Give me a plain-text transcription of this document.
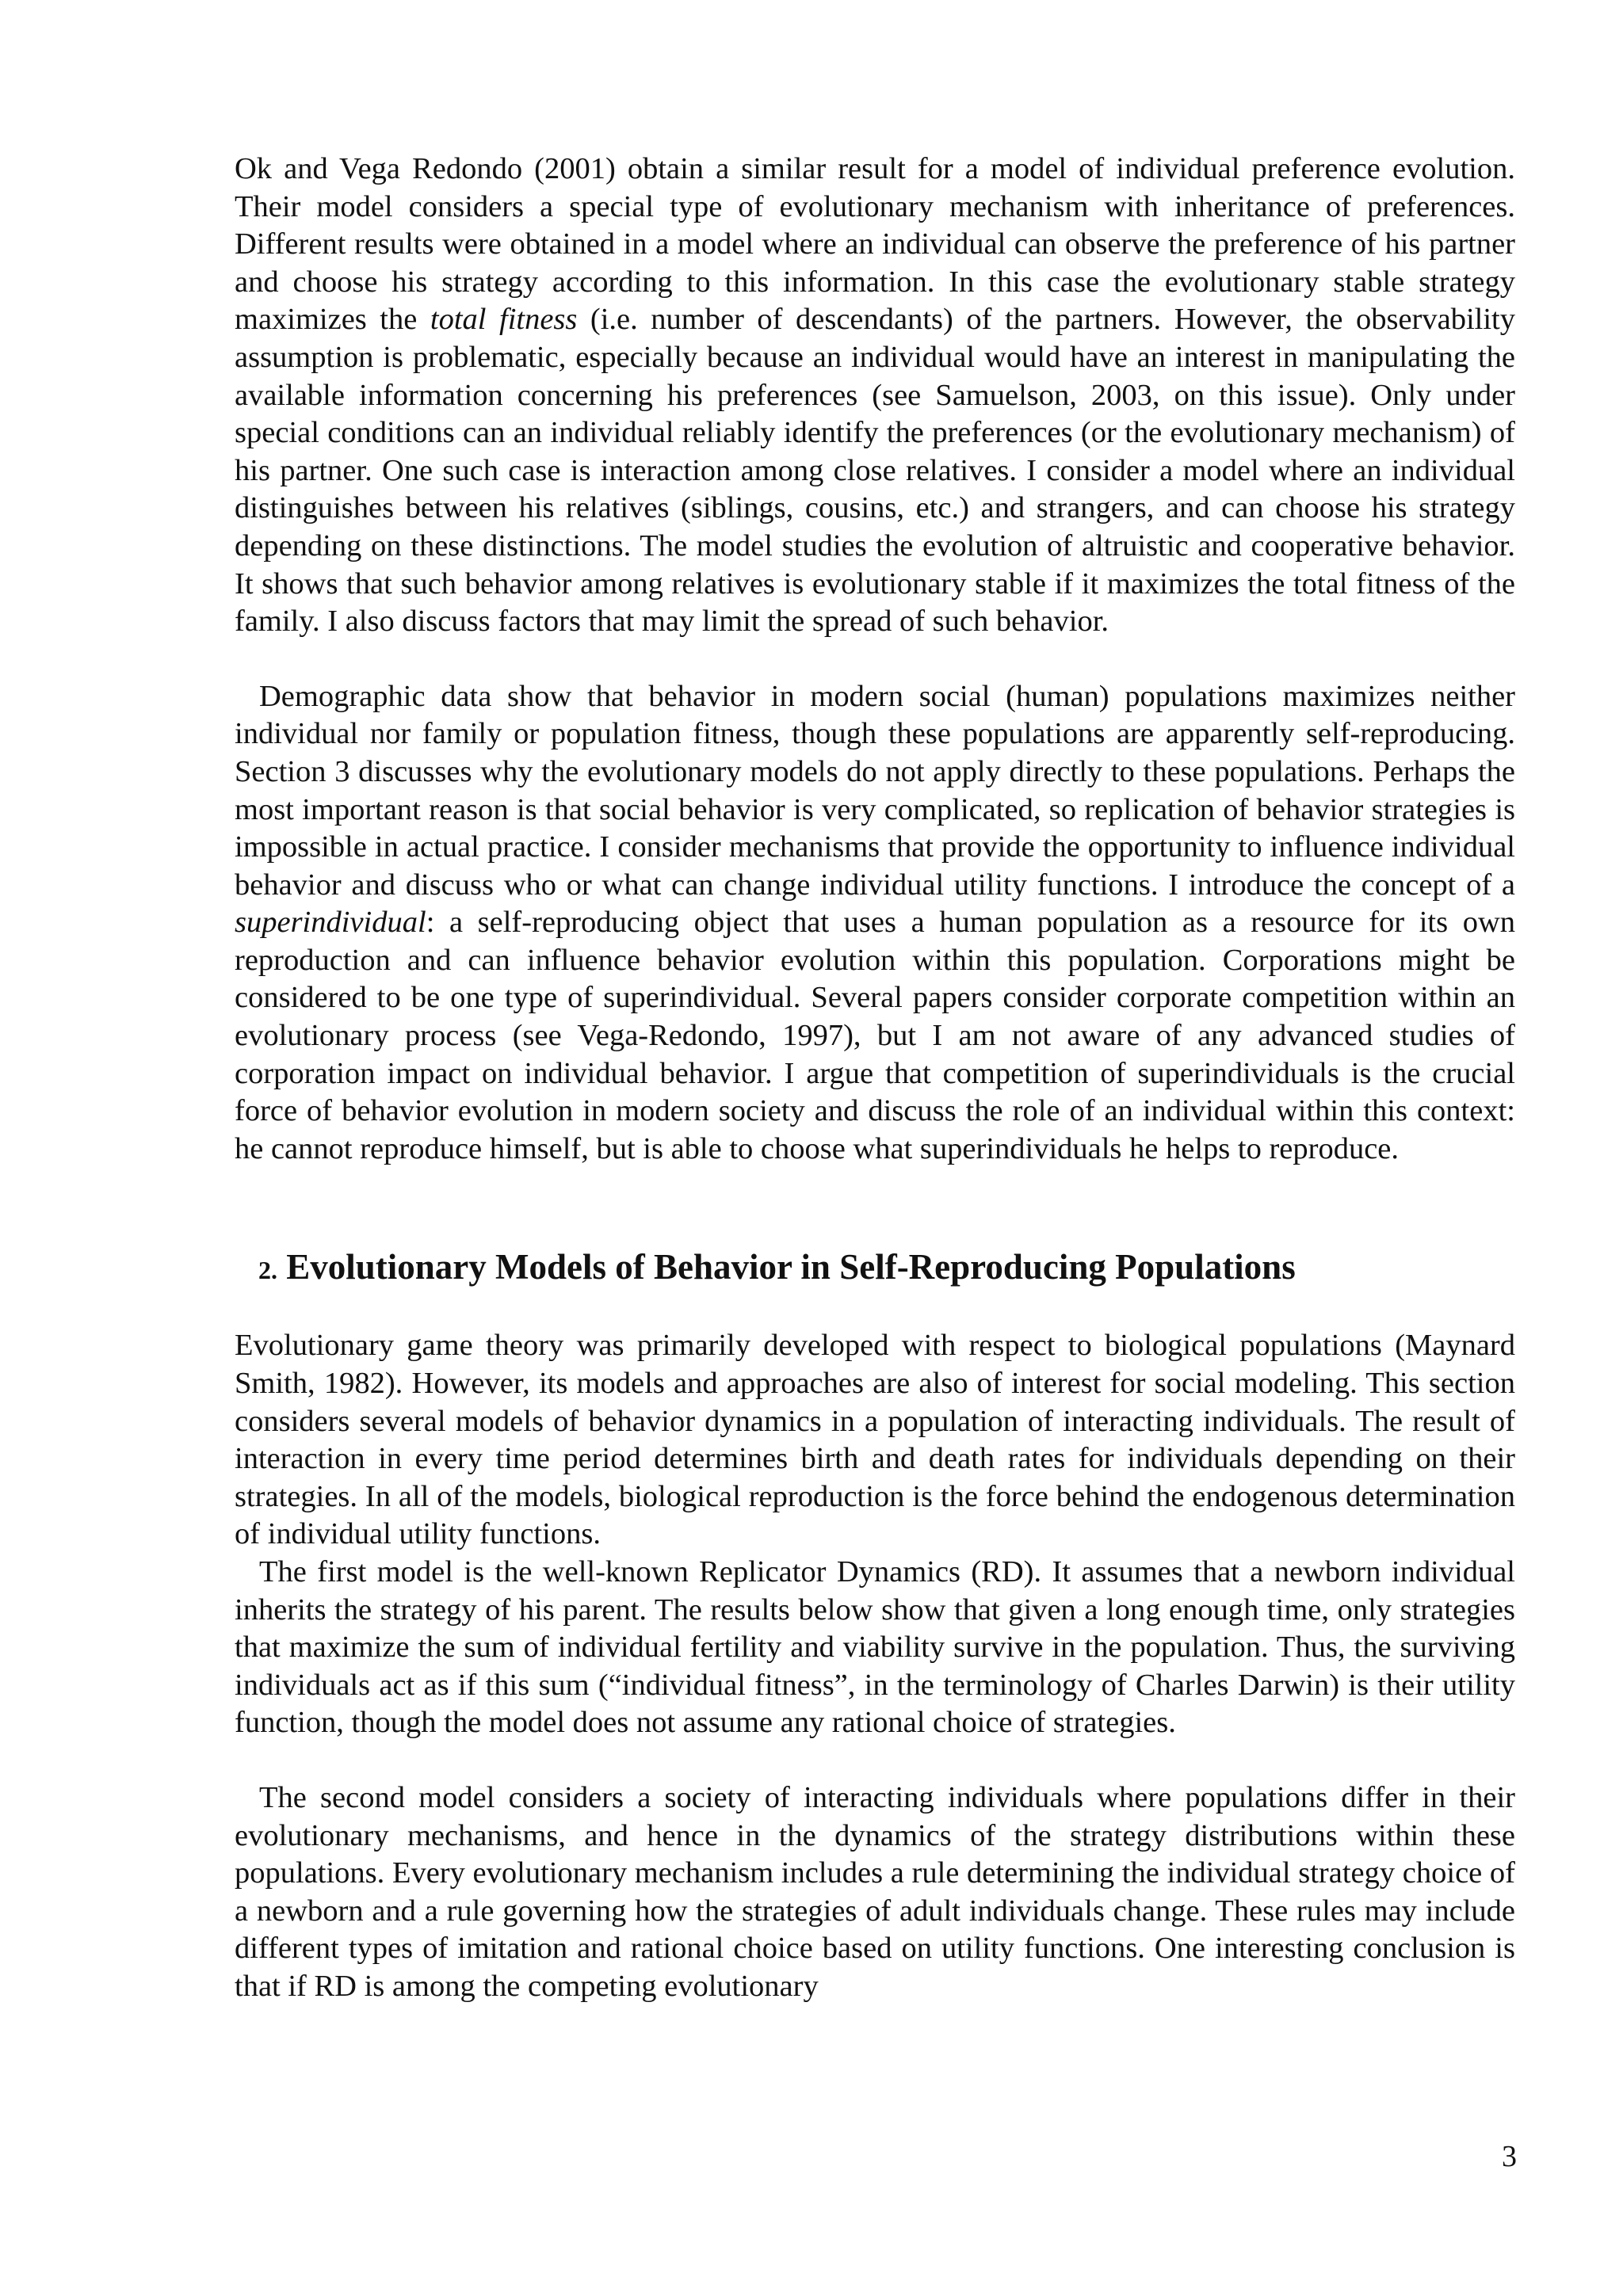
Ok and Vega Redondo (2001) obtain a similar result for a model of individual preference evolution. Their model considers a special type of evolutionary mechanism with inheritance of preferences. Different results were obtained in a model where an individual can observe the preference of his partner and choose his strategy according to this information. In this case the evolutionary stable strategy maximizes the total fitness (i.e. number of descendants) of the partners. However, the observability assumption is problematic, especially because an individual would have an interest in manipulating the available information concerning his preferences (see Samuelson, 2003, on this issue). Only under special conditions can an individual reliably identify the preferences (or the evolutionary mechanism) of his partner. One such case is interaction among close relatives. I consider a model where an individual distinguishes between his relatives (siblings, cousins, etc.) and strangers, and can choose his strategy depending on these distinctions. The model studies the evolution of altruistic and cooperative behavior. It shows that such behavior among relatives is evolutionary stable if it maximizes the total fitness of the family. I also discuss factors that may limit the spread of such behavior.

Demographic data show that behavior in modern social (human) populations maximizes neither individual nor family or population fitness, though these populations are apparently self-reproducing. Section 3 discusses why the evolutionary models do not apply directly to these populations. Perhaps the most important reason is that social behavior is very complicated, so replication of behavior strategies is impossible in actual practice. I consider mechanisms that provide the opportunity to influence individual behavior and discuss who or what can change individual utility functions. I introduce the concept of a superindividual: a self-reproducing object that uses a human population as a resource for its own reproduction and can influence behavior evolution within this population. Corporations might be considered to be one type of superindividual. Several papers consider corporate competition within an evolutionary process (see Vega-Redondo, 1997), but I am not aware of any advanced studies of corporation impact on individual behavior. I argue that competition of superindividuals is the crucial force of behavior evolution in modern society and discuss the role of an individual within this context: he cannot reproduce himself, but is able to choose what superindividuals he helps to reproduce.

2. Evolutionary Models of Behavior in Self-Reproducing Populations

Evolutionary game theory was primarily developed with respect to biological populations (Maynard Smith, 1982). However, its models and approaches are also of interest for social modeling. This section considers several models of behavior dynamics in a population of interacting individuals. The result of interaction in every time period determines birth and death rates for individuals depending on their strategies. In all of the models, biological reproduction is the force behind the endogenous determination of individual utility functions.

The first model is the well-known Replicator Dynamics (RD). It assumes that a newborn individual inherits the strategy of his parent. The results below show that given a long enough time, only strategies that maximize the sum of individual fertility and viability survive in the population. Thus, the surviving individuals act as if this sum (“individual fitness”, in the terminology of Charles Darwin) is their utility function, though the model does not assume any rational choice of strategies.

The second model considers a society of interacting individuals where populations differ in their evolutionary mechanisms, and hence in the dynamics of the strategy distributions within these populations. Every evolutionary mechanism includes a rule determining the individual strategy choice of a newborn and a rule governing how the strategies of adult individuals change. These rules may include different types of imitation and rational choice based on utility functions. One interesting conclusion is that if RD is among the competing evolutionary

3
